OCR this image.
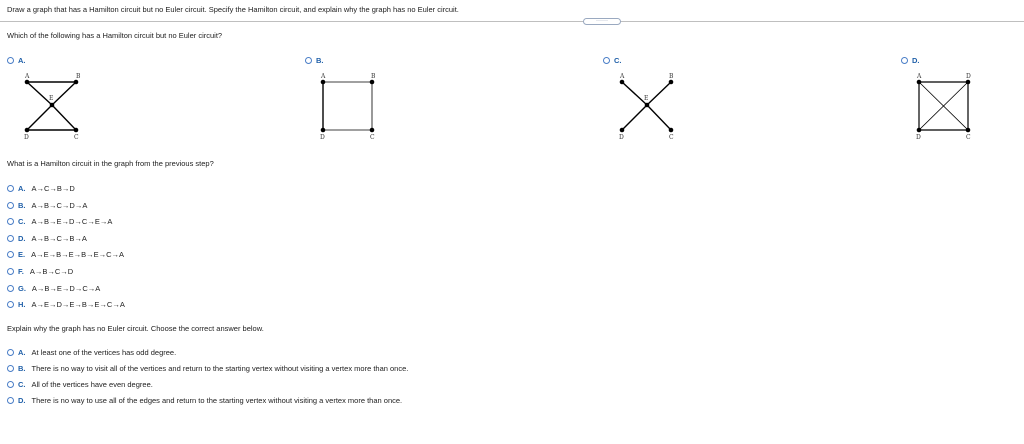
Draw a graph that has a Hamilton circuit but no Euler circuit. Specify the Hamilton circuit, and explain why the graph has no Euler circuit.
······
Which of the following has a Hamilton circuit but no Euler circuit?
A.
A	B
E
D	C
B.
A	B
D	C
C.
A	B
E
D	C
D.
A	D
D	C
What is a Hamilton circuit in the graph from the previous step?
A. A→C→B→D
B. A→B→C→D→A
C. A→B→E→D→C→E→A
D. A→B→C→B→A
E. A→E→B→E→B→E→C→A
F. A→B→C→D
G. A→B→E→D→C→A
H. A→E→D→E→B→E→C→A
Explain why the graph has no Euler circuit. Choose the correct answer below.
A. At least one of the vertices has odd degree.
B. There is no way to visit all of the vertices and return to the starting vertex without visiting a vertex more than once.
C. All of the vertices have even degree.
D. There is no way to use all of the edges and return to the starting vertex without visiting a vertex more than once.
